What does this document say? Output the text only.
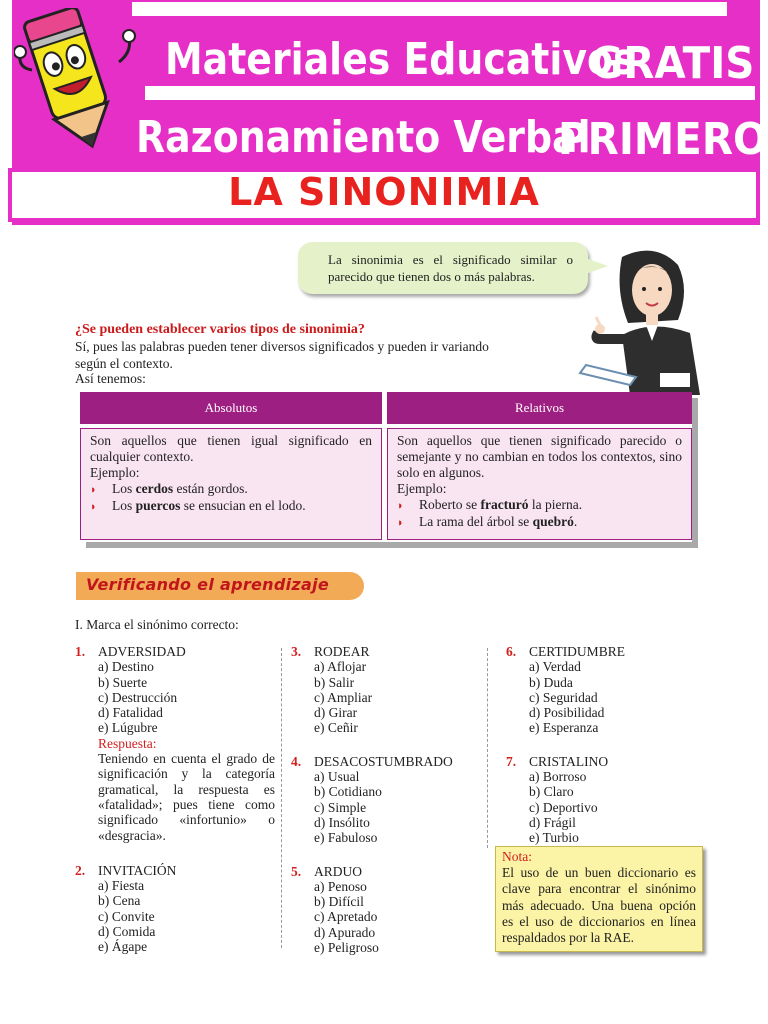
Materiales Educativos
GRATIS
Razonamiento Verbal
PRIMERO
LA SINONIMIA
La sinonimia es el significado similar o parecido que tienen dos o más palabras.
¿Se pueden establecer varios tipos de sinonimia?
Sí, pues las palabras pueden tener diversos significados y pueden ir variando según el contexto.
Así tenemos:
Absolutos	Relativos

Son aquellos que tienen igual significado en cualquier contexto.

Ejemplo:

◗	Los cerdos están gordos.
◗	Los puercos se ensucian en el lodo.

Son aquellos que tienen significado parecido o semejante y no cambian en todos los contextos, sino solo en algunos.

Ejemplo:

◗	Roberto se fracturó la pierna.
◗	La rama del árbol se quebró.
Verificando el aprendizaje
I. Marca el sinónimo correcto:
1. ADVERSIDAD
a) Destino
b) Suerte
c) Destrucción
d) Fatalidad
e) Lúgubre
Respuesta:
Teniendo en cuenta el grado de significación y la categoría gramatical, la respuesta es «fatalidad»; pues tiene como significado «infortunio» o «desgracia».
2. INVITACIÓN
a) Fiesta
b) Cena
c) Convite
d) Comida
e) Ágape
3. RODEAR
a) Aflojar
b) Salir
c) Ampliar
d) Girar
e) Ceñir
4. DESACOSTUMBRADO
a) Usual
b) Cotidiano
c) Simple
d) Insólito
e) Fabuloso
5. ARDUO
a) Penoso
b) Difícil
c) Apretado
d) Apurado
e) Peligroso
6. CERTIDUMBRE
a) Verdad
b) Duda
c) Seguridad
d) Posibilidad
e) Esperanza
7. CRISTALINO
a) Borroso
b) Claro
c) Deportivo
d) Frágil
e) Turbio
Nota:

El uso de un buen diccionario es clave para encontrar el sinónimo más adecuado. Una buena opción es el uso de diccionarios en línea respaldados por la RAE.
